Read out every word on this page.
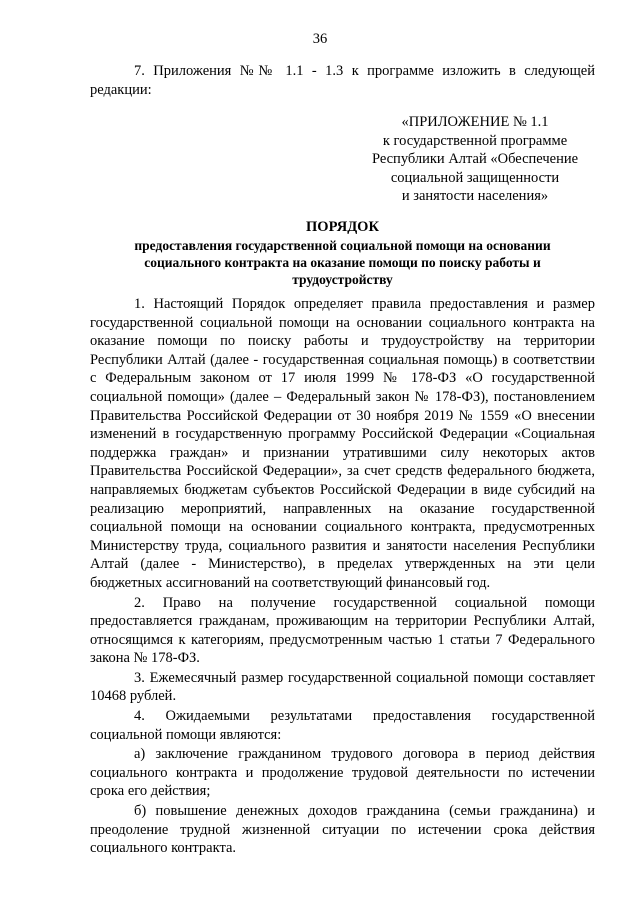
36
7. Приложения №№ 1.1 - 1.3 к программе изложить в следующей редакции:
«ПРИЛОЖЕНИЕ № 1.1
к государственной программе
Республики Алтай «Обеспечение
социальной защищенности
и занятости населения»
ПОРЯДОК
предоставления государственной социальной помощи на основании социального контракта на оказание помощи по поиску работы и трудоустройству

1. Настоящий Порядок определяет правила предоставления и размер государственной социальной помощи на основании социального контракта на оказание помощи по поиску работы и трудоустройству на территории Республики Алтай (далее - государственная социальная помощь) в соответствии с Федеральным законом от 17 июля 1999 № 178-ФЗ «О государственной социальной помощи» (далее – Федеральный закон № 178-ФЗ), постановлением Правительства Российской Федерации от 30 ноября 2019 № 1559 «О внесении изменений в государственную программу Российской Федерации «Социальная поддержка граждан» и признании утратившими силу некоторых актов Правительства Российской Федерации», за счет средств федерального бюджета, направляемых бюджетам субъектов Российской Федерации в виде субсидий на реализацию мероприятий, направленных на оказание государственной социальной помощи на основании социального контракта, предусмотренных Министерству труда, социального развития и занятости населения Республики Алтай (далее - Министерство), в пределах утвержденных на эти цели бюджетных ассигнований на соответствующий финансовый год.

2. Право на получение государственной социальной помощи предоставляется гражданам, проживающим на территории Республики Алтай, относящимся к категориям, предусмотренным частью 1 статьи 7 Федерального закона № 178-ФЗ.

3. Ежемесячный размер государственной социальной помощи составляет 10468 рублей.

4. Ожидаемыми результатами предоставления государственной социальной помощи являются:

а) заключение гражданином трудового договора в период действия социального контракта и продолжение трудовой деятельности по истечении срока его действия;

б) повышение денежных доходов гражданина (семьи гражданина) и преодоление трудной жизненной ситуации по истечении срока действия социального контракта.
